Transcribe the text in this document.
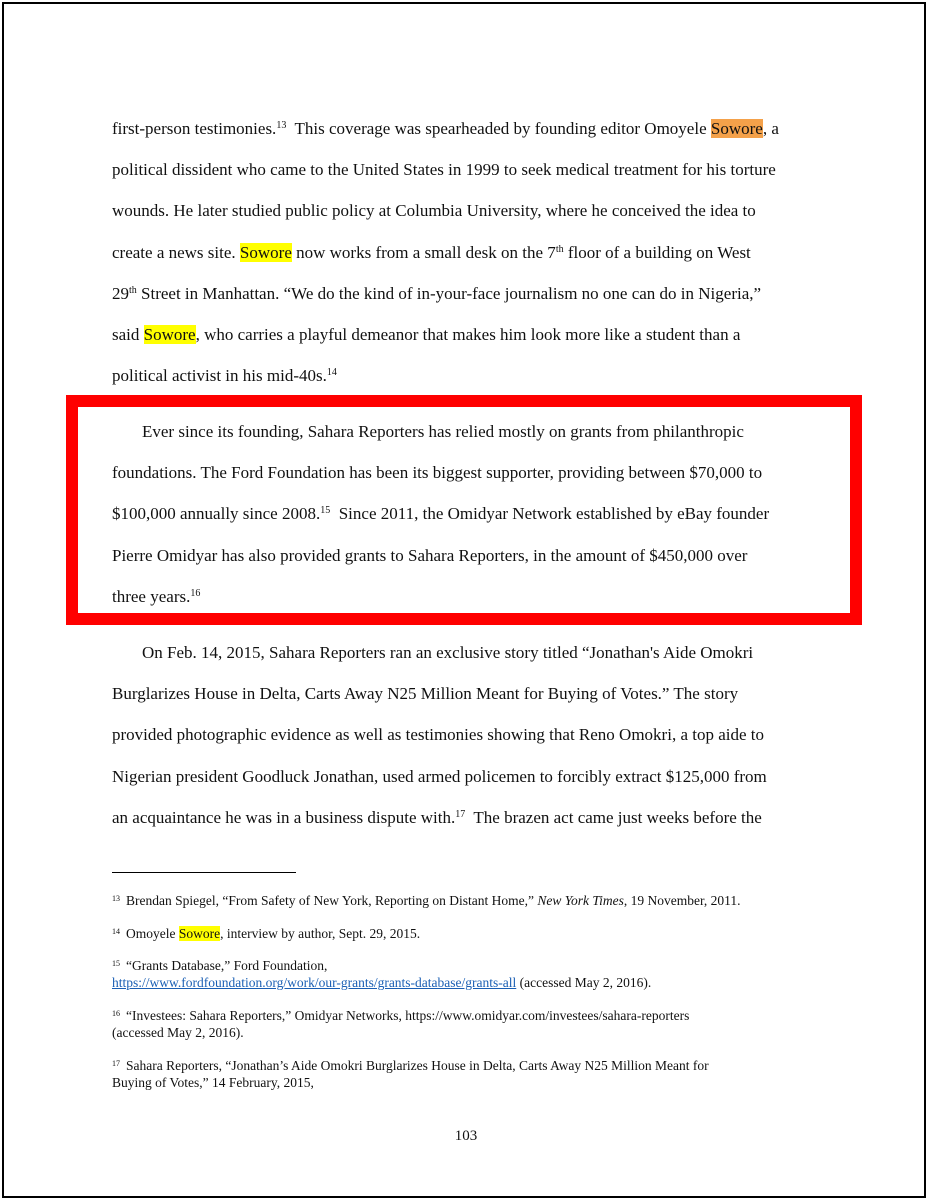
first-person testimonies.$^{13}$  This coverage was spearheaded by founding editor Omoyele Sowore, a
political dissident who came to the United States in 1999 to seek medical treatment for his torture
wounds. He later studied public policy at Columbia University, where he conceived the idea to
create a news site. Sowore now works from a small desk on the 7th floor of a building on West
29th Street in Manhattan. “We do the kind of in-your-face journalism no one can do in Nigeria,”
said Sowore, who carries a playful demeanor that makes him look more like a student than a
political activist in his mid-40s.$^{14}$
Ever since its founding, Sahara Reporters has relied mostly on grants from philanthropic
foundations. The Ford Foundation has been its biggest supporter, providing between $70,000 to
$100,000 annually since 2008.15  Since 2011, the Omidyar Network established by eBay founder
Pierre Omidyar has also provided grants to Sahara Reporters, in the amount of $450,000 over
three years.$^{16}$
On Feb. 14, 2015, Sahara Reporters ran an exclusive story titled “Jonathan's Aide Omokri
Burglarizes House in Delta, Carts Away N25 Million Meant for Buying of Votes.” The story
provided photographic evidence as well as testimonies showing that Reno Omokri, a top aide to
Nigerian president Goodluck Jonathan, used armed policemen to forcibly extract $125,000 from
an acquaintance he was in a business dispute with.$^{17}$  The brazen act came just weeks before the
$^{13}$ Brendan Spiegel, “From Safety of New York, Reporting on Distant Home,” New York Times, 19 November, 2011.
$^{14}$ Omoyele Sowore, interview by author, Sept. 29, 2015.
$^{15}$ “Grants Database,” Ford Foundation,
https://www.fordfoundation.org/work/our-grants/grants-database/grants-all (accessed May 2, 2016).
$^{16}$ “Investees: Sahara Reporters,” Omidyar Networks, https://www.omidyar.com/investees/sahara-reporters
(accessed May 2, 2016).
$^{17}$ Sahara Reporters, “Jonathan’s Aide Omokri Burglarizes House in Delta, Carts Away N25 Million Meant for
Buying of Votes,” 14 February, 2015,
103
